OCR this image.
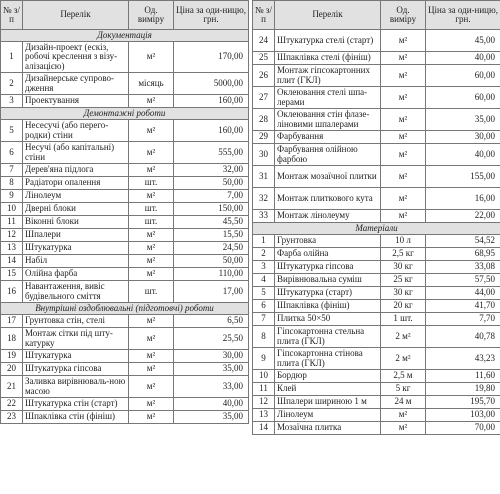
№ з/п	Перелік	Од. виміру	Ціна за оди-ницю, грн.
Документація			
1	Дизайн-проект (ескіз, робочі креслення з візу-алізацією)	м²	170,00
2	Дизайнерське супрово-дження	місяць	5000,00
3	Проектування	м²	160,00
Демонтажні роботи			
5	Несесучі (або перего-родки) стіни	м²	160,00
6	Несучі (або капітальні) стіни	м²	555,00
7	Дерев'яна підлога	м²	32,00
8	Радіатори опалення	шт.	50,00
9	Лінолеум	м²	7,00
10	Дверні блоки	шт.	150,00
11	Віконні блоки	шт.	45,50
12	Шпалери	м²	15,50
13	Штукатурка	м²	24,50
14	Набіл	м²	50,00
15	Олійна фарба	м²	110,00
16	Навантаження, вивіс будівельного сміття	шт.	17,00
Внутрішні оздоблювальні (підготовчі) роботи			
17	Грунтовка стін, стелі	м²	6,50
18	Монтаж сітки під шту-катурку	м²	25,50
19	Штукатурка	м²	30,00
20	Штукатурка гіпсова	м²	35,00
21	Заливка вирівнюваль-ною масою	м²	33,00
22	Штукатурка стін (старт)	м²	40,00
23	Шпаклівка стін (фініш)	м²	35,00
№ з/п	Перелік	Од. виміру	Ціна за оди-ницю, грн.
24	Штукатурка стелі (старт)	м²	45,00
25	Шпаклівка стелі (фініш)	м²	40,00
26	Монтаж гіпсокартонних плит (ГКЛ)	м²	60,00
27	Оклеювання стелі шпа-лерами	м²	60,00
28	Оклеювання стін флазе-ліновими шпалерами	м²	35,00
29	Фарбування	м²	30,00
30	Фарбування олійною фарбою	м²	40,00
31	Монтаж мозаїчної плитки	м²	155,00
32	Монтаж плиткового кута	м²	16,00
33	Монтаж лінолеуму	м²	22,00
Матеріали			
1	Грунтовка	10 л	54,52
2	Фарба олійна	2,5 кг	68,95
3	Штукатурка гіпсова	30 кг	33,08
4	Вирівнювальна суміш	25 кг	57,50
5	Штукатурка (старт)	30 кг	44,00
6	Шпаклівка (фініш)	20 кг	41,70
7	Плитка 50×50	1 шт.	7,70
8	Гіпсокартонна стельна плита (ГКЛ)	2 м²	40,78
9	Гіпсокартонна стінова плита (ГКЛ)	2 м²	43,23
10	Бордюр	2,5 м	11,60
11	Клей	5 кг	19,80
12	Шпалери шириною 1 м	24 м	195,70
13	Лінолеум	м²	103,00
14	Мозаїчна плитка	м²	70,00
